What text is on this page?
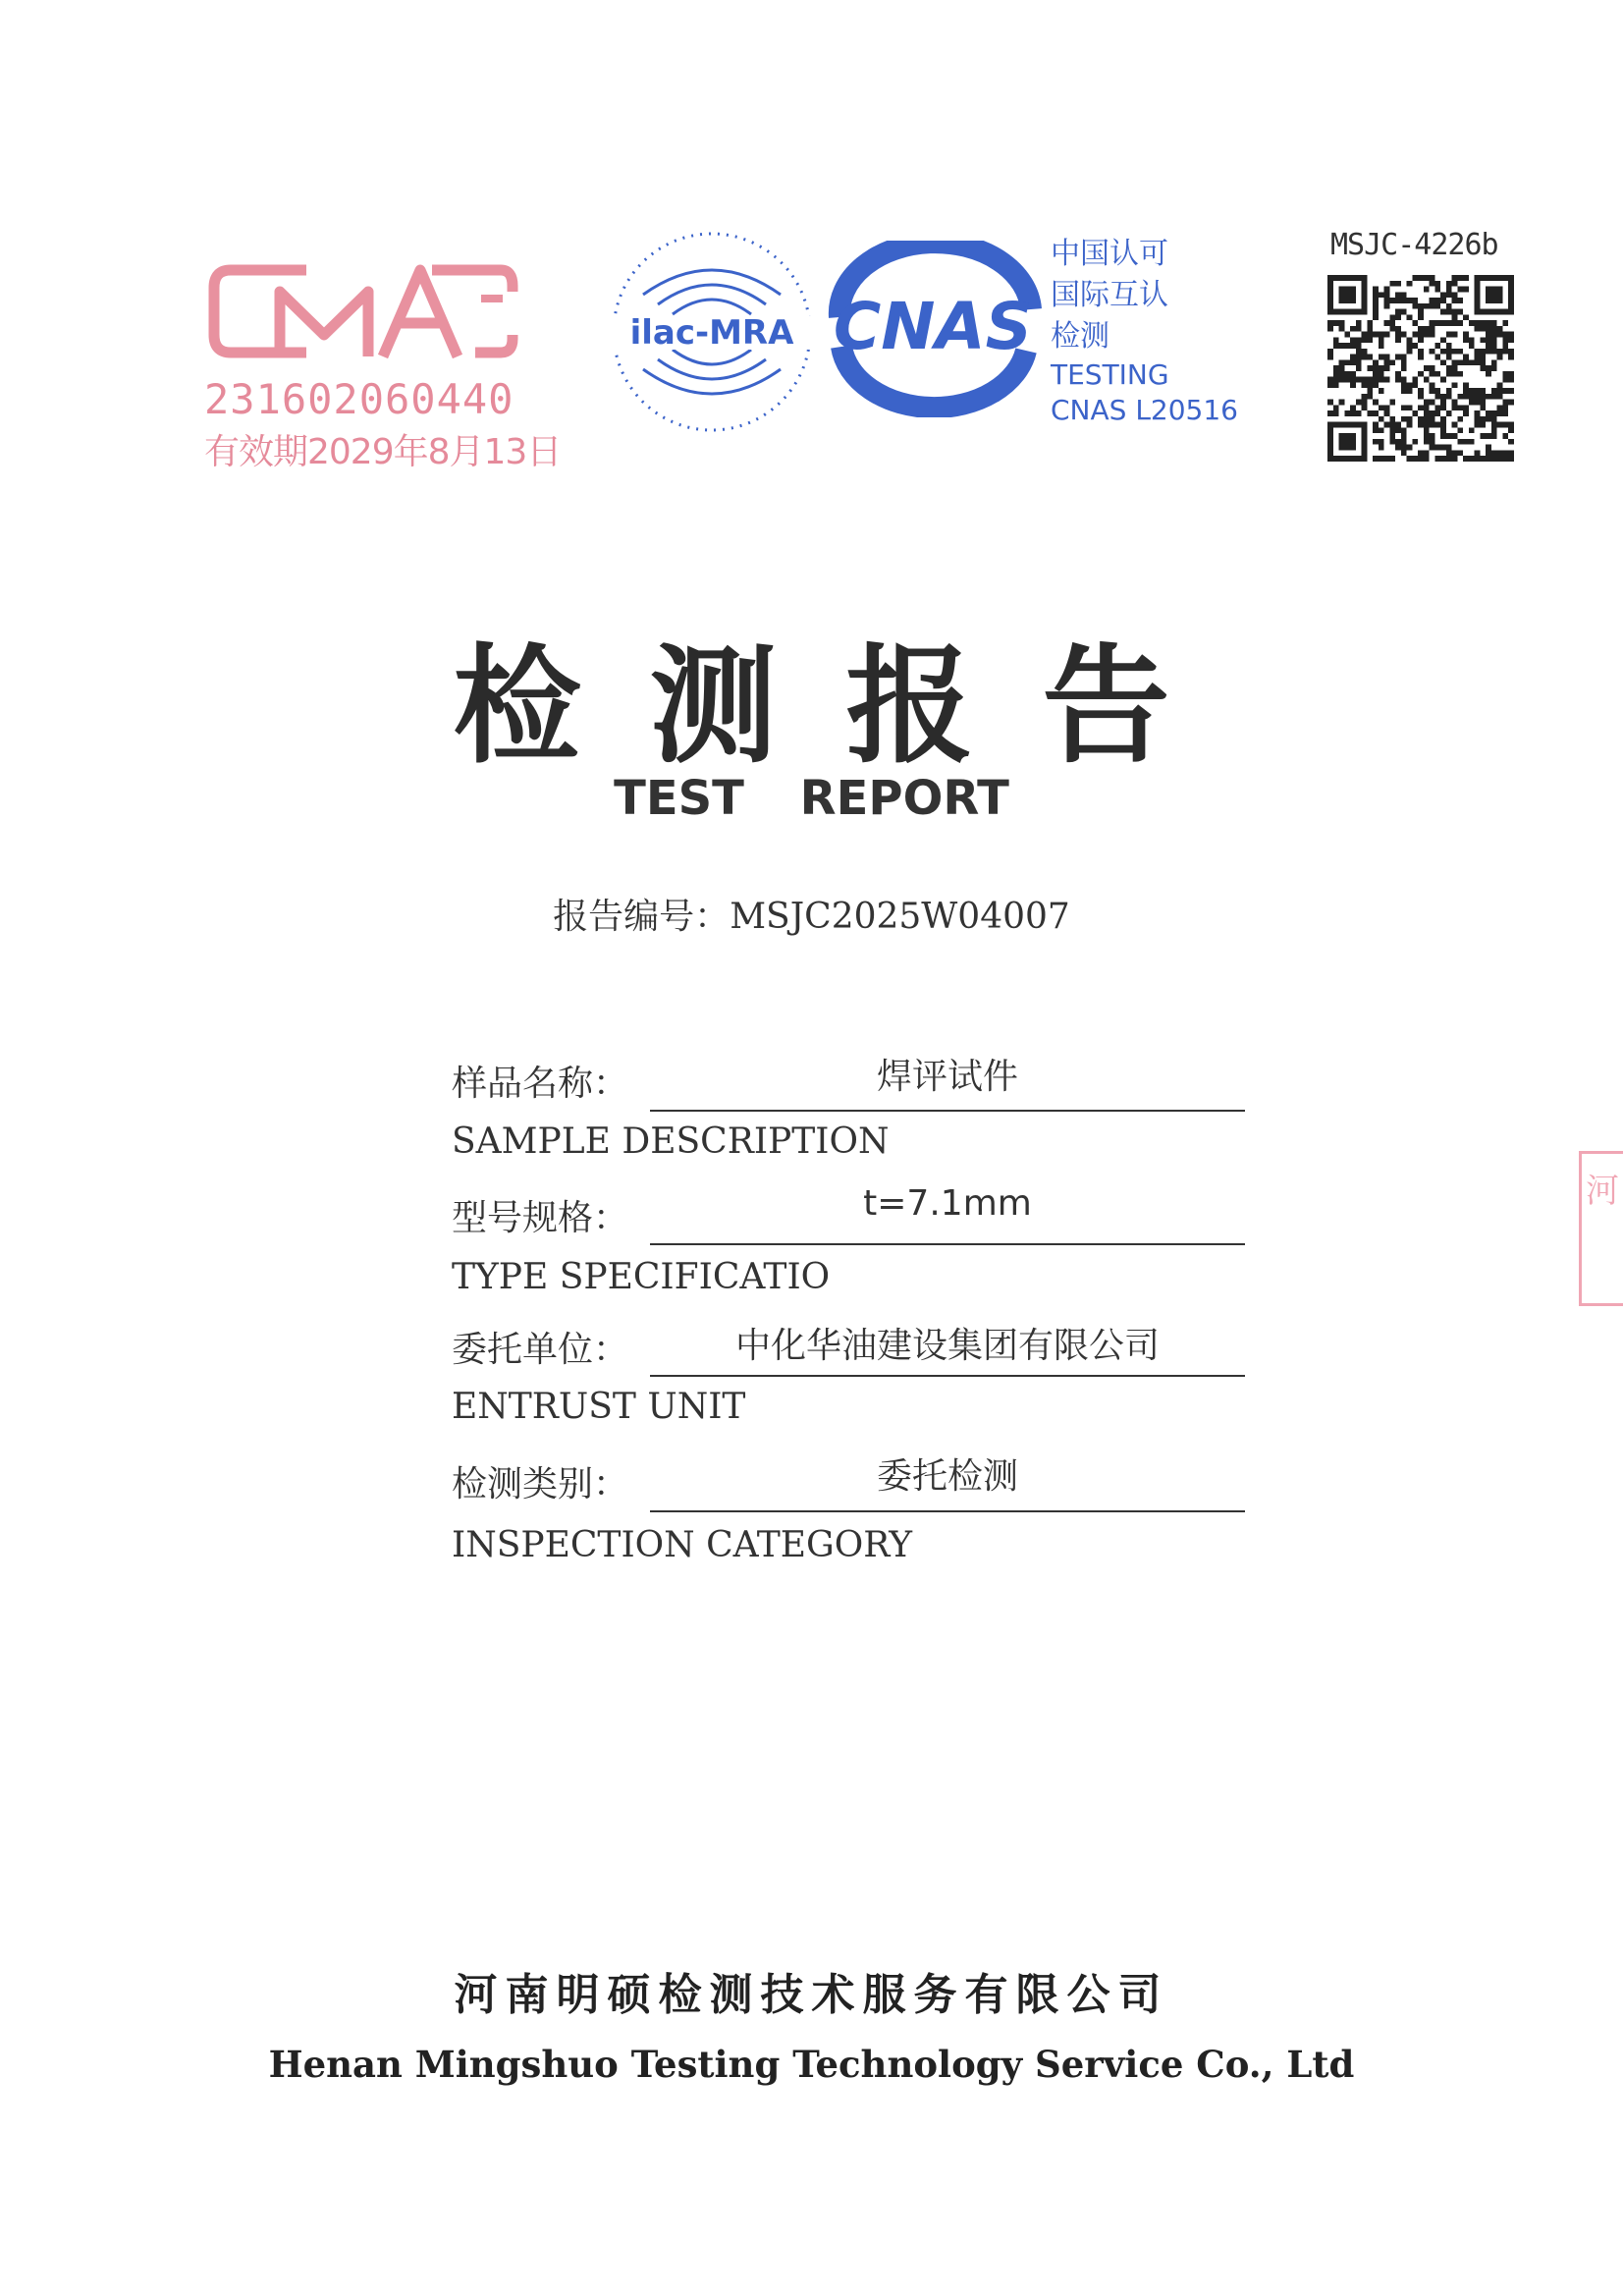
231602060440
有效期2029年8月13日
ilac-MRA CNAS
中国认可
国际互认
检测
TESTING
CNAS L20516
MSJC-4226b
检测报告
TEST REPORT
报告编号：MSJC2025W04007
样品名称：	焊评试件
SAMPLE DESCRIPTION
型号规格：	t=7.1mm
TYPE SPECIFICATIO
委托单位：	中化华油建设集团有限公司
ENTRUST UNIT
检测类别：	委托检测
INSPECTION CATEGORY
河
河南明硕检测技术服务有限公司
Henan Mingshuo Testing Technology Service Co., Ltd
